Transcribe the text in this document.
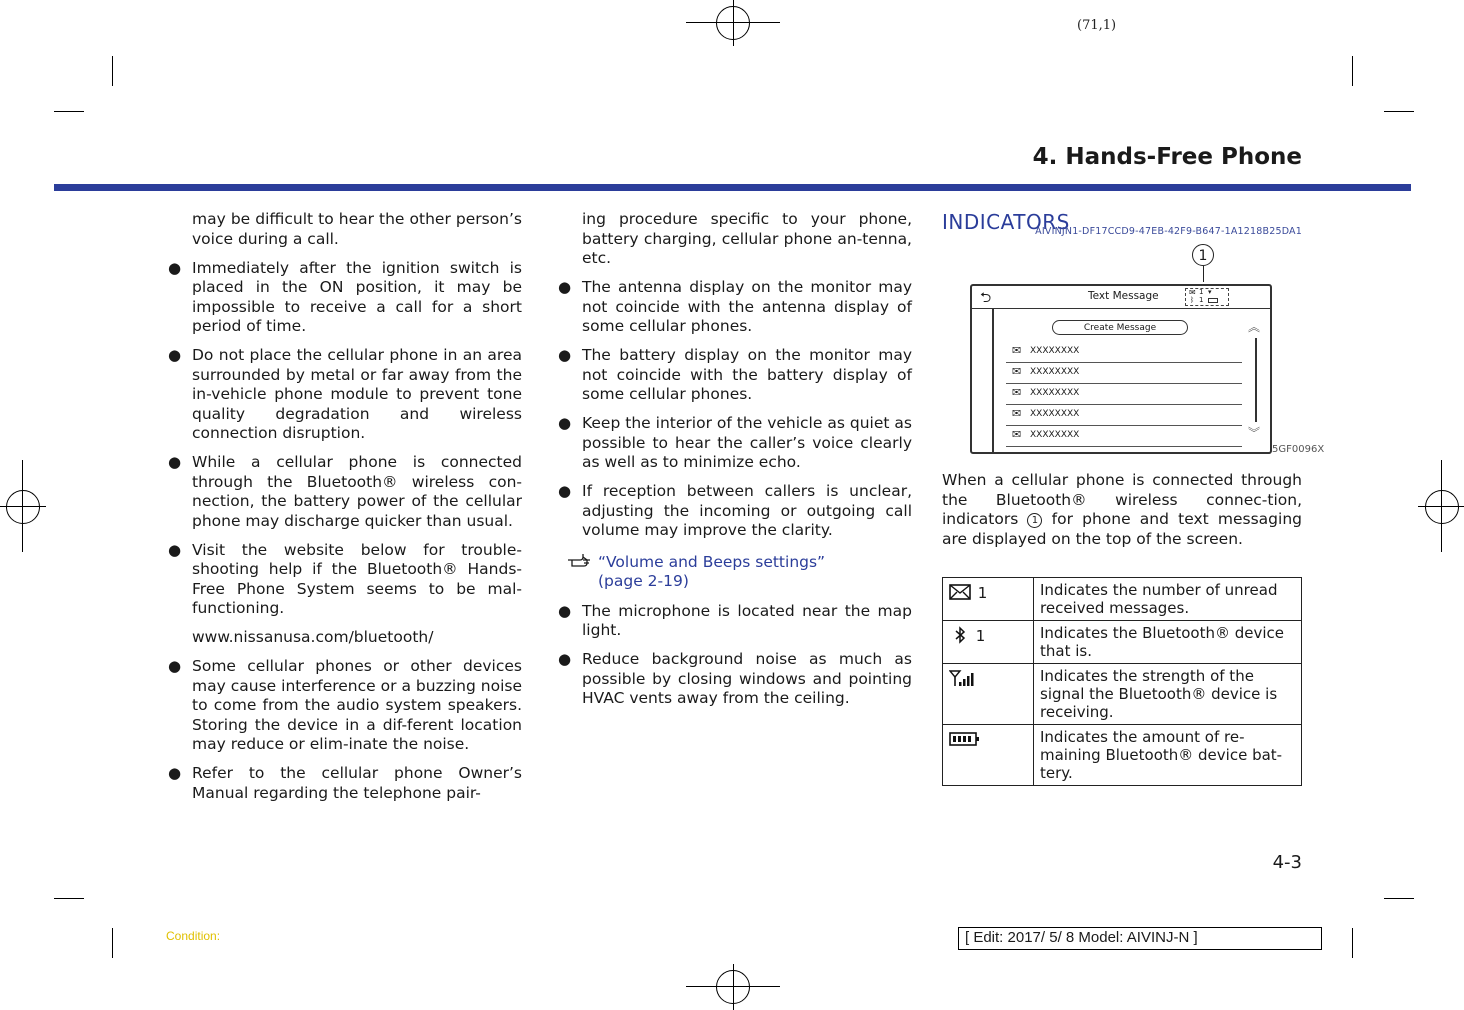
(71,1)
4. Hands-Free Phone

may be difficult to hear the other person’s voice during a call.

● Immediately after the ignition switch is placed in the ON position, it may be impossible to receive a call for a short period of time.

● Do not place the cellular phone in an area surrounded by metal or far away from the in-vehicle phone module to prevent tone quality degradation and wireless connection disruption.

● While a cellular phone is connected through the Bluetooth® wireless con-nection, the battery power of the cellular phone may discharge quicker than usual.

● Visit the website below for trouble-shooting help if the Bluetooth® Hands-Free Phone System seems to be mal-functioning.

www.nissanusa.com/bluetooth/

● Some cellular phones or other devices may cause interference or a buzzing noise to come from the audio system speakers. Storing the device in a dif-ferent location may reduce or elim-inate the noise.

● Refer to the cellular phone Owner’s Manual regarding the telephone pair-

ing procedure specific to your phone, battery charging, cellular phone an-tenna, etc.

● The antenna display on the monitor may not coincide with the antenna display of some cellular phones.

● The battery display on the monitor may not coincide with the battery display of some cellular phones.

● Keep the interior of the vehicle as quiet as possible to hear the caller’s voice clearly as well as to minimize echo.

● If reception between callers is unclear, adjusting the incoming or outgoing call volume may improve the clarity.

“Volume and Beeps settings”
(page 2-19)

● The microphone is located near the map light.

● Reduce background noise as much as possible by closing windows and pointing HVAC vents away from the ceiling.

INDICATORS
AIVINJN1-DF17CCD9-47EB-42F9-B647-1A1218B25DA1
1
⮌	Text Message	✉ 1 ▾
ᛒ 1
Create Message
✉ XXXXXXXX
✉ XXXXXXXX
✉ XXXXXXXX
✉ XXXXXXXX
✉ XXXXXXXX
︽
︾
5GF0096X

When a cellular phone is connected through the Bluetooth® wireless connec-tion, indicators 1 for phone and text messaging are displayed on the top of the screen.

1	Indicates the number of unread received messages.
1	Indicates the Bluetooth® device that is.
	Indicates the strength of the signal the Bluetooth® device is receiving.
	Indicates the amount of re-maining Bluetooth® device bat-tery.
4-3
Condition:	[ Edit: 2017/ 5/ 8 Model: AIVINJ-N ]
